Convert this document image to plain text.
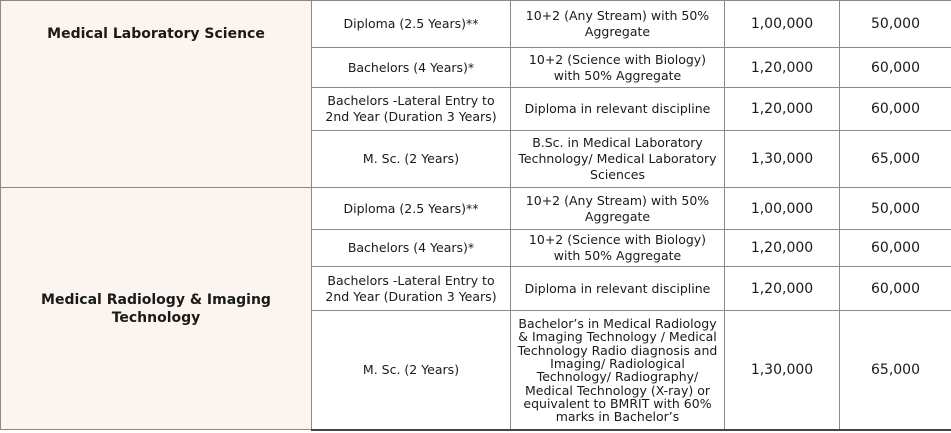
Medical Laboratory Science	Diploma (2.5 Years)**	10+2 (Any Stream) with 50% Aggregate	1,00,000	50,000
	Bachelors (4 Years)*	10+2 (Science with Biology) with 50% Aggregate	1,20,000	60,000
	Bachelors -Lateral Entry to 2nd Year (Duration 3 Years)	Diploma in relevant discipline	1,20,000	60,000
	M. Sc. (2 Years)	B.Sc. in Medical Laboratory Technology/ Medical Laboratory Sciences	1,30,000	65,000
Medical Radiology & Imaging Technology	Diploma (2.5 Years)**	10+2 (Any Stream) with 50% Aggregate	1,00,000	50,000
	Bachelors (4 Years)*	10+2 (Science with Biology) with 50% Aggregate	1,20,000	60,000
	Bachelors -Lateral Entry to 2nd Year (Duration 3 Years)	Diploma in relevant discipline	1,20,000	60,000
	M. Sc. (2 Years)	Bachelor’s in Medical Radiology & Imaging Technology / Medical Technology Radio diagnosis and Imaging/ Radiological Technology/ Radiography/ Medical Technology (X-ray) or equivalent to BMRIT with 60% marks in Bachelor’s	1,30,000	65,000
